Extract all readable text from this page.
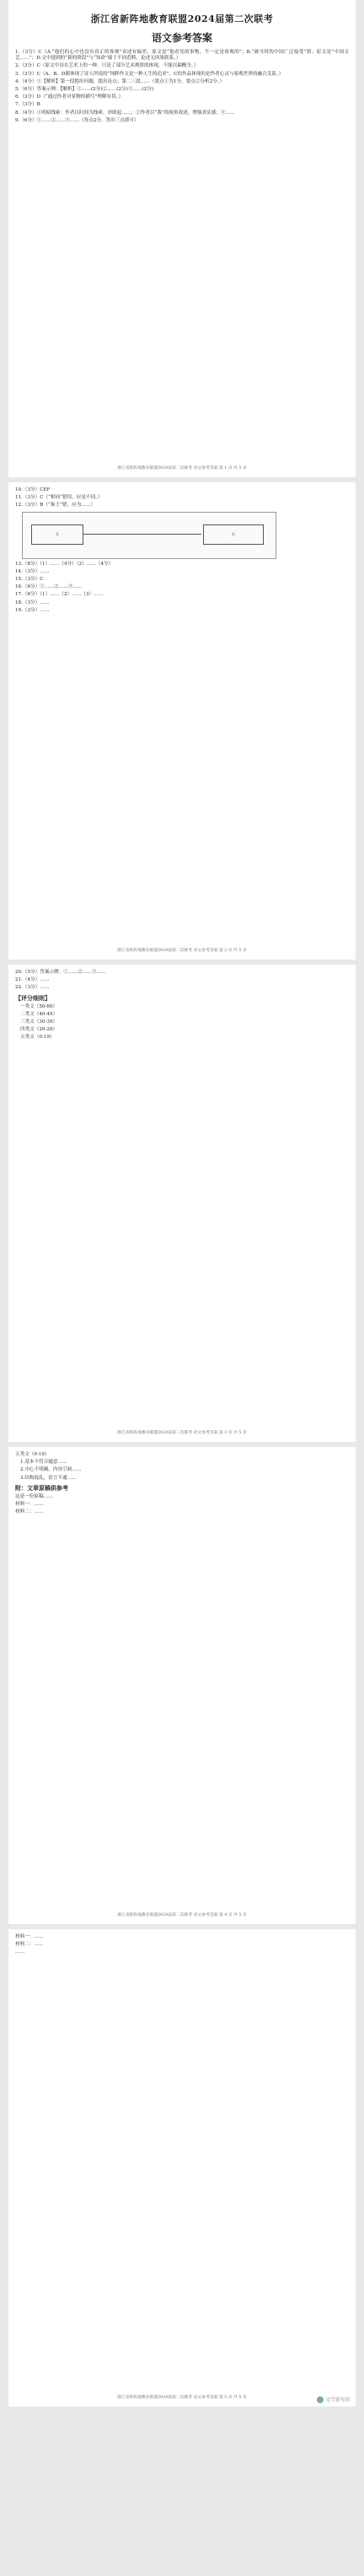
浙江省新阵地教育联盟2024届第二次联考
语文参考答案

1.（3分）C（A.“他们的心中也没有真正的客观”表述有偏差，原文是“他看见的事物，不一定是客观的”；B.“被当时的中国广泛接受”错；原文是“中国文艺……”；D.文中提到的“新的阶段”与“知命”属于不同范畴，论述无因果联系。）

2.（3分）C（原文中诗在艺术上的一种，只是了部分艺术规律的体现，不能以偏概全。）

3.（3分）C（A、B、D都体现了诗人所说的“纯粹作文是一种人生的追求”。C的作品体现的是作者心灵与客观世界的融合关系。）

4.（4分）①【解析】第一段提出问题，提出论点；第二三段……（要点①为1分，要点②分析2分。）

5.（6分）答案示例：【解析】①……(2分)②……(2分)③……(2分)

6.（3分）D（“通过作者对景物的描写”理解有误。）

7.（3分）B

8.（4分）①明暗线索：作者以时间为线索，串联起……；②作者以“我”的视角叙述，增强真实感；③……

9.（6分）①……②……③……（每点2分，答出三点即可）

浙江省新阵地教育联盟2024届第二次联考 语文参考答案 第 1 页 共 5 页

10.（3分）CEF

11.（3分）C（“相同”错误，应是不同。）

12.（3分）B（“秦王”错，应为……）

左	右

13.（8分）（1）……（4分）（2）……（4分）

14.（3分）……

15.（3分）C

16.（6分）①……②……③……

17.（6分）（1）……（2）……（3）……

18.（3分）……

19.（3分）……

浙江省新阵地教育联盟2024届第二次联考 语文参考答案 第 2 页 共 5 页

20.（5分）答案示例：①……②……③……

21.（4分）……

22.（3分）……

【评分细则】

一类文（50-60）

二类文（40-49）

三类文（30-39）

四类文（20-29）

五类文（0-19）

浙江省新阵地教育联盟2024届第二次联考 语文参考答案 第 3 页 共 5 页

五类文（0-19）

1.基本不符合题意……

2.中心不明确，内容空洞……

3.结构混乱，语言不通……

附：文章原稿供参考

这是一份原稿……

材料一：……

材料二：……

浙江省新阵地教育联盟2024届第二次联考 语文参考答案 第 4 页 共 5 页

材料一：……

材料二：……

……

浙江省新阵地教育联盟2024届第二次联考 语文参考答案 第 5 页 共 5 页	文学新写作
